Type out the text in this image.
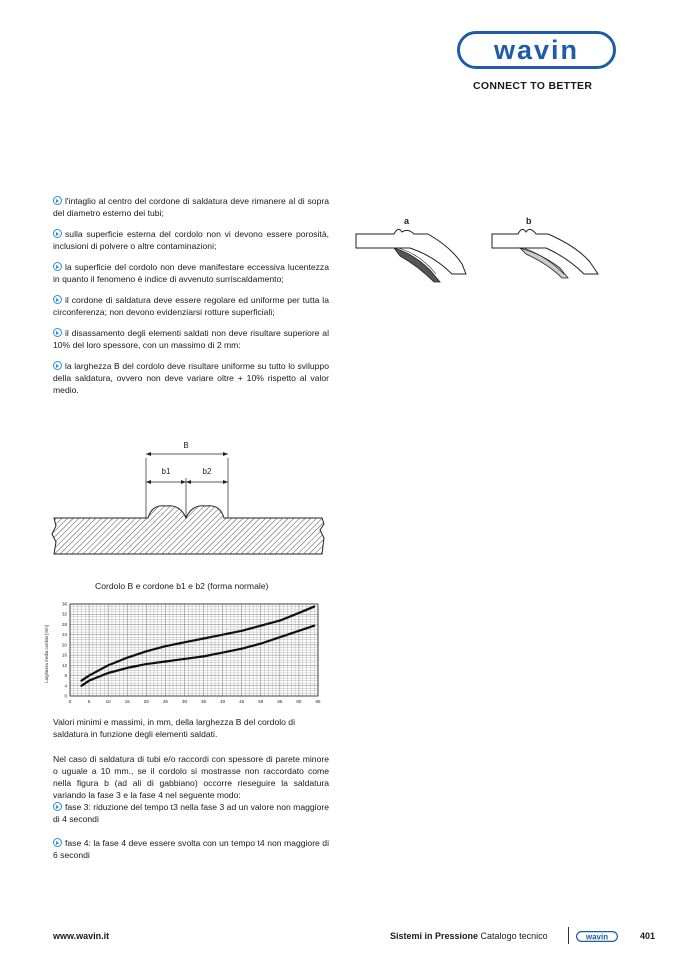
wavin
CONNECT TO BETTER
l'intaglio al centro del cordone di saldatura deve rimanere al di sopra del diametro esterno dei tubi;
sulla superficie esterna del cordolo non vi devono essere porosità, inclusioni di polvere o altre contaminazioni;
la superficie del cordolo non deve manifestare eccessiva lucentezza in quanto il fenomeno è indice di avvenuto surriscaldamento;
il cordone di saldatura deve essere regolare ed uniforme per tutta la circonferenza; non devono evidenziarsi rotture superficiali;
il disassamento degli elementi saldati non deve risultare superiore al 10% del loro spessore, con un massimo di 2 mm:
la larghezza B del cordolo deve risultare uniforme su tutto lo sviluppo della saldatura, ovvero non deve variare oltre + 10% rispetto al valor medio.
B
b1	b2
a	b
Cordolo B e cordone b1 e b2 (forma normale)
0
4
8
12
16
20
24
28
32
36
0	5	10	15	20	25	30	35	40	45	50	55	60	65
Larghezza media cordolo [mm]
Valori minimi e massimi, in mm, della larghezza B del cordolo di saldatura in funzione degli elementi saldati.

Nel caso di saldatura di tubi e/o raccordi con spessore di parete minore o uguale a 10 mm., se il cordolo si mostrasse non raccordato come nella figura b (ad ali di gabbiano) occorre rieseguire la saldatura variando la fase 3 e la fase 4 nel seguente modo:

fase 3: riduzione del tempo t3 nella fase 3 ad un valore non maggiore di 4 secondi

fase 4: la fase 4 deve essere svolta con un tempo t4 non maggiore di 6 secondi

www.wavin.it	Sistemi in Pressione Catalogo tecnico	wavin	401
